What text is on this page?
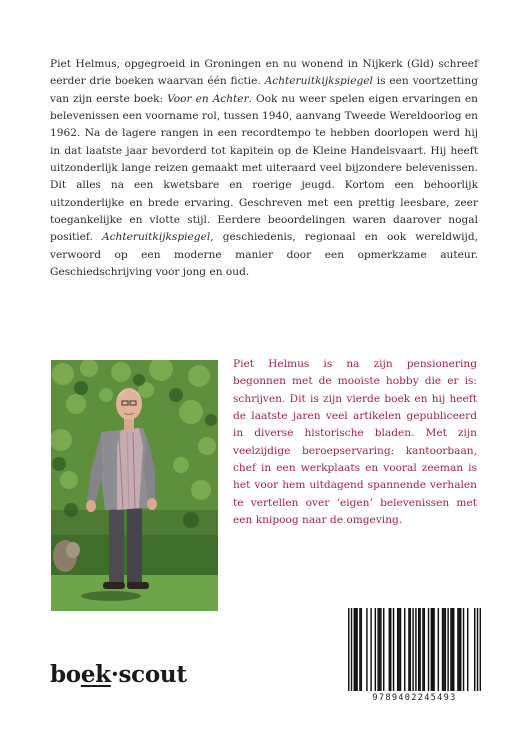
Piet Helmus, opgegroeid in Groningen en nu wonend in Nijkerk (Gld) schreef eerder drie boeken waarvan één fictie. Achteruitkijkspiegel is een voortzetting van zijn eerste boek: Voor en Achter. Ook nu weer spelen eigen ervaringen en belevenissen een voorname rol, tussen 1940, aanvang Tweede Wereldoorlog en 1962. Na de lagere rangen in een recordtempo te hebben doorlopen werd hij in dat laatste jaar bevorderd tot kapitein op de Kleine Handelsvaart. Hij heeft uitzonderlijk lange reizen gemaakt met uiteraard veel bijzondere belevenissen. Dit alles na een kwetsbare en roerige jeugd. Kortom een behoorlijk uitzonderlijke en brede ervaring. Geschreven met een prettig leesbare, zeer toegankelijke en vlotte stijl. Eerdere beoordelingen waren daarover nogal positief. Achteruitkijkspiegel, geschiedenis, regionaal en ook wereldwijd, verwoord op een moderne manier door een opmerkzame auteur. Geschiedschrijving voor jong en oud.

Piet Helmus is na zijn pensionering begonnen met de mooiste hobby die er is: schrijven. Dit is zijn vierde boek en hij heeft de laatste jaren veel artikelen gepubliceerd in diverse historische bladen. Met zijn veelzijdige beroepservaring: kantoorbaan, chef in een werkplaats en vooral zeeman is het voor hem uitdagend spannende verhalen te vertellen over ‘eigen’ belevenissen met een knipoog naar de omgeving.

boek·scout
9789402245493
